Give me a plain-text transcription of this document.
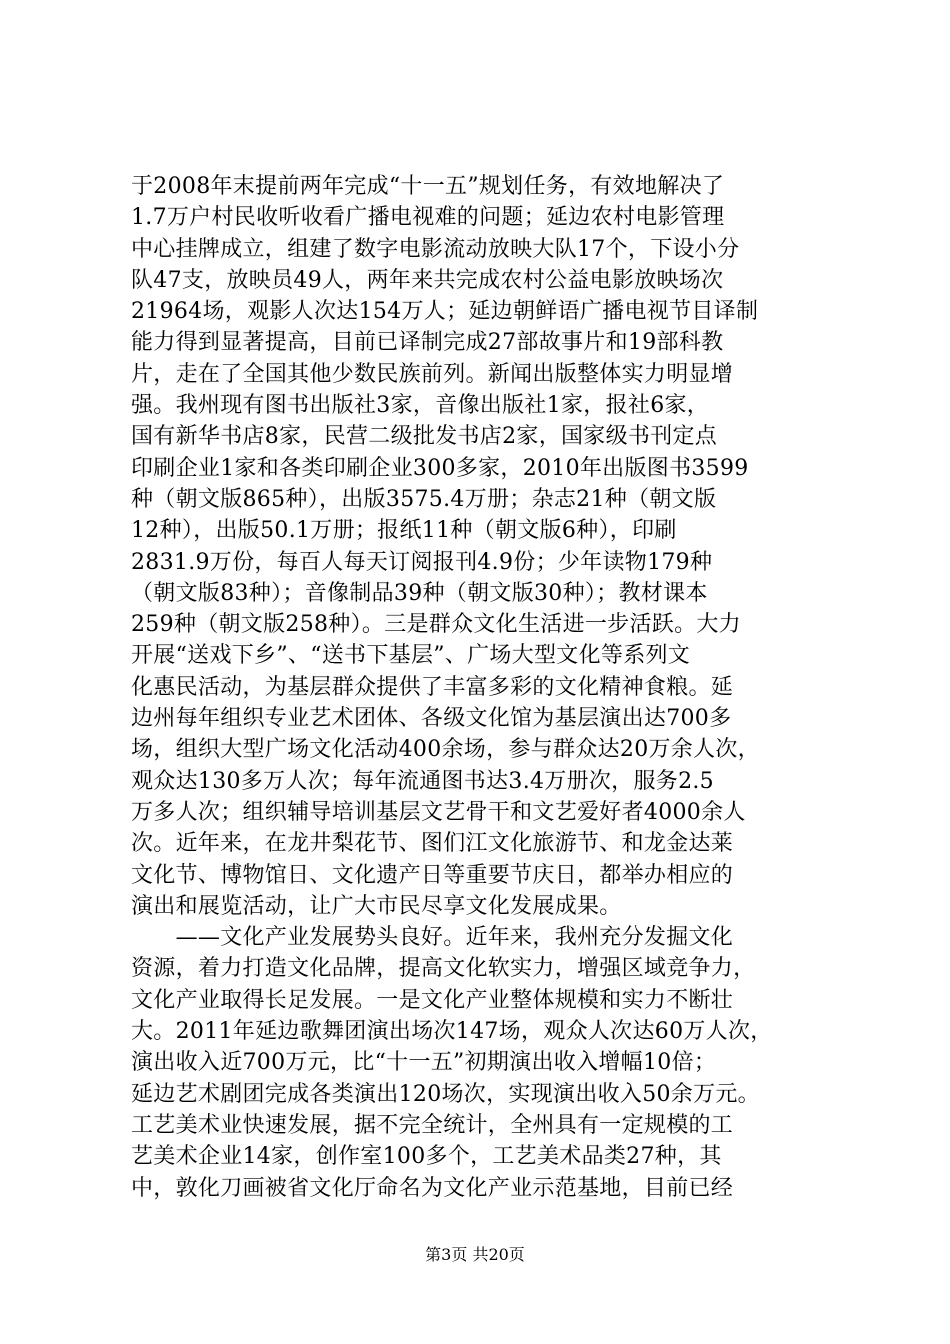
于2008年末提前两年完成“十一五”规划任务，有效地解决了
1.7万户村民收听收看广播电视难的问题；延边农村电影管理
中心挂牌成立，组建了数字电影流动放映大队17个，下设小分
队47支，放映员49人，两年来共完成农村公益电影放映场次
21964场，观影人次达154万人；延边朝鲜语广播电视节目译制
能力得到显著提高，目前已译制完成27部故事片和19部科教
片，走在了全国其他少数民族前列。新闻出版整体实力明显增
强。我州现有图书出版社3家，音像出版社1家，报社6家，
国有新华书店8家，民营二级批发书店2家，国家级书刊定点
印刷企业1家和各类印刷企业300多家，2010年出版图书3599
种（朝文版865种），出版3575.4万册；杂志21种（朝文版
12种），出版50.1万册；报纸11种（朝文版6种），印刷
2831.9万份，每百人每天订阅报刊4.9份；少年读物179种
（朝文版83种）；音像制品39种（朝文版30种）；教材课本
259种（朝文版258种）。三是群众文化生活进一步活跃。大力
开展“送戏下乡”、“送书下基层”、广场大型文化等系列文
化惠民活动，为基层群众提供了丰富多彩的文化精神食粮。延
边州每年组织专业艺术团体、各级文化馆为基层演出达700多
场，组织大型广场文化活动400余场，参与群众达20万余人次，
观众达130多万人次；每年流通图书达3.4万册次，服务2.5
万多人次；组织辅导培训基层文艺骨干和文艺爱好者4000余人
次。近年来，在龙井梨花节、图们江文化旅游节、和龙金达莱
文化节、博物馆日、文化遗产日等重要节庆日，都举办相应的
演出和展览活动，让广大市民尽享文化发展成果。
　　——文化产业发展势头良好。近年来，我州充分发掘文化
资源，着力打造文化品牌，提高文化软实力，增强区域竞争力，
文化产业取得长足发展。一是文化产业整体规模和实力不断壮
大。2011年延边歌舞团演出场次147场，观众人次达60万人次，
演出收入近700万元，比“十一五”初期演出收入增幅10倍；
延边艺术剧团完成各类演出120场次，实现演出收入50余万元。
工艺美术业快速发展，据不完全统计，全州具有一定规模的工
艺美术企业14家，创作室100多个，工艺美术品类27种，其
中，敦化刀画被省文化厅命名为文化产业示范基地，目前已经
第3页 共20页
